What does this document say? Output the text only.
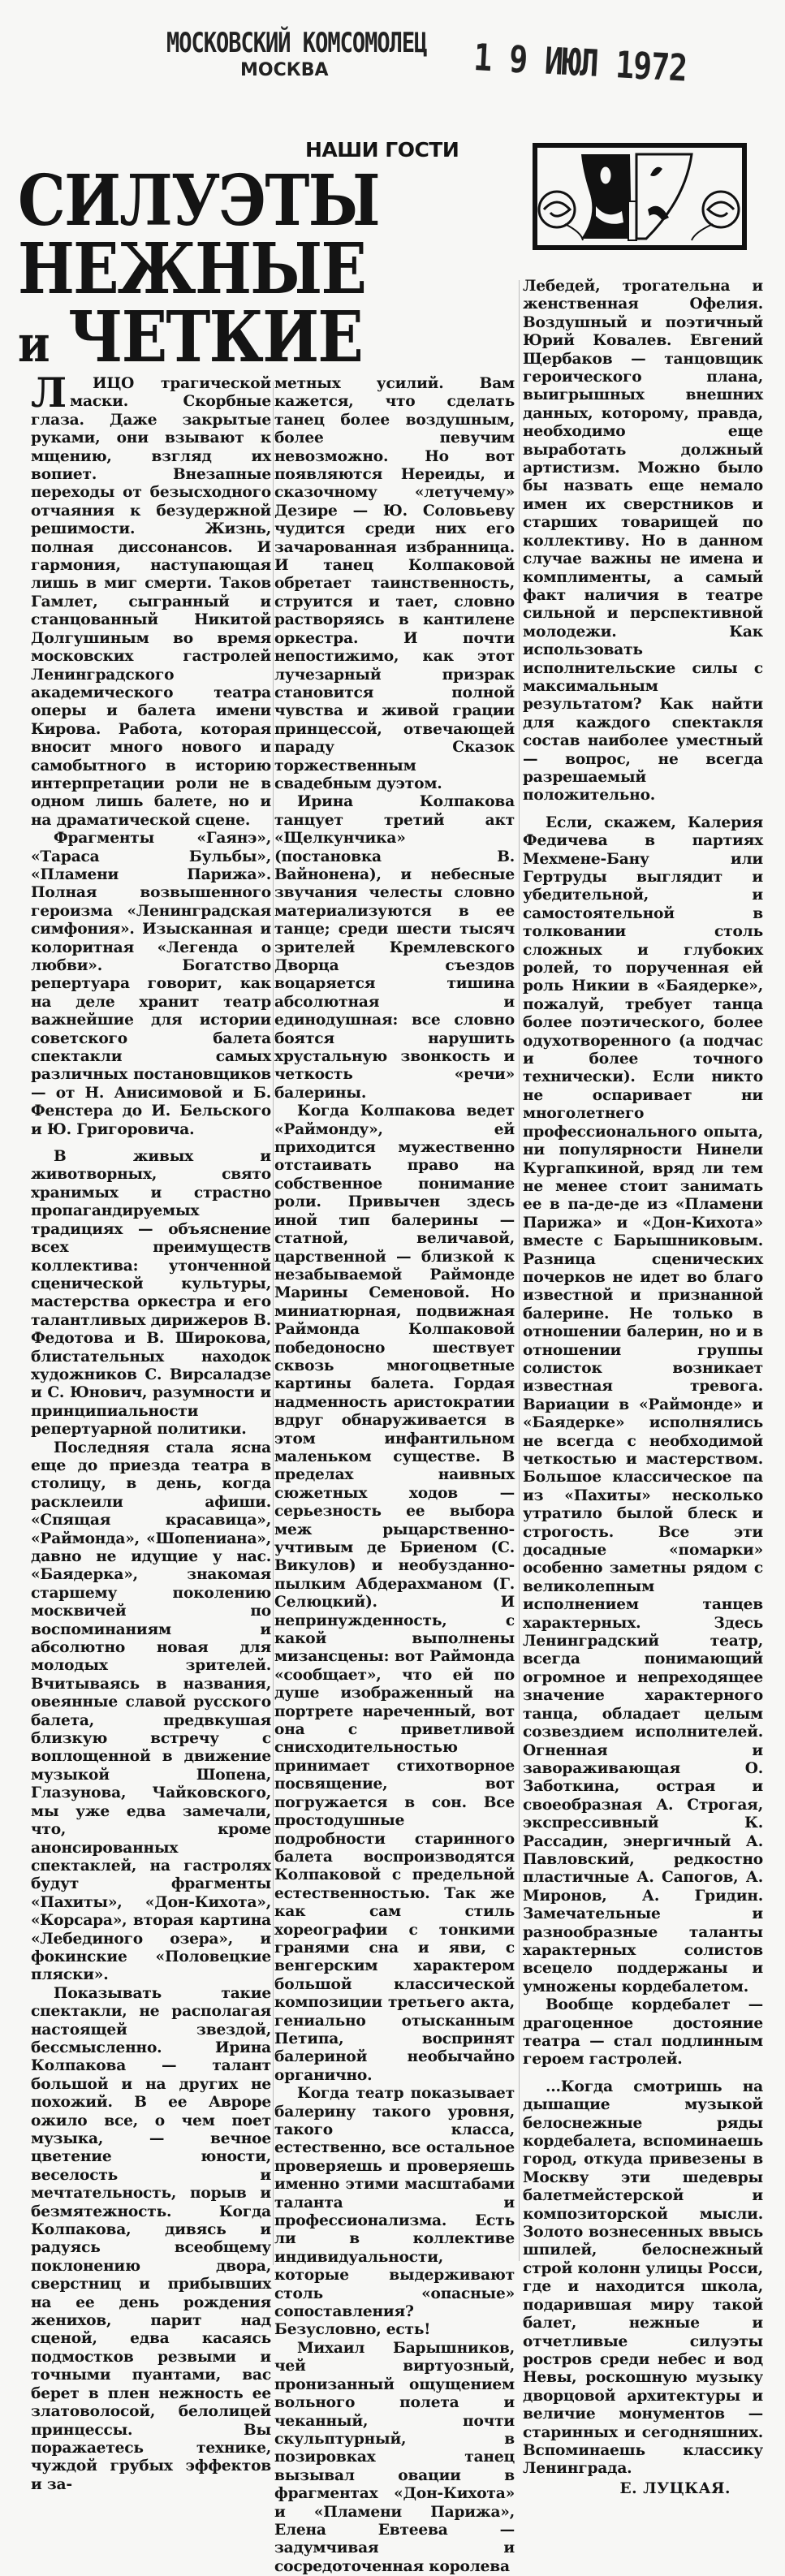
МОСКОВСКИЙ КОМСОМОЛЕЦ
МОСКВА	1 9 ИЮЛ 1972
НАШИ ГОСТИ
СИЛУЭТЫ
НЕЖНЫЕ
и ЧЕТКИЕ

Л ИЦО трагической маски. Скорбные глаза. Даже закрытые руками, они взывают к мщению, взгляд их вопиет. Внезапные переходы от безысходного отчаяния к безудержной решимости. Жизнь, полная диссонансов. И гармония, наступающая лишь в миг смерти. Таков Гамлет, сыгранный и станцованный Никитой Долгушиным во время московских гастролей Ленинградского академического театра оперы и балета имени Кирова. Работа, которая вносит много нового и самобытного в историю интерпретации роли не в одном лишь балете, но и на драматической сцене.

Фрагменты «Гаянэ», «Тараса Бульбы», «Пламени Парижа». Полная возвышенного героизма «Ленинградская симфония». Изысканная и колоритная «Легенда о любви». Богатство репертуара говорит, как на деле хранит театр важнейшие для истории советского балета спектакли самых различных постановщиков — от Н. Анисимовой и Б. Фенстера до И. Бельского и Ю. Григоровича.

В живых и животворных, свято хранимых и страстно пропагандируемых традициях — объяснение всех преимуществ коллектива: утонченной сценической культуры, мастерства оркестра и его талантливых дирижеров В. Федотова и В. Широкова, блистательных находок художников С. Вирсаладзе и С. Юнович, разумности и принципиальности репертуарной политики.

Последняя стала ясна еще до приезда театра в столицу, в день, когда расклеили афиши. «Спящая красавица», «Раймонда», «Шопениана», давно не идущие у нас. «Баядерка», знакомая старшему поколению москвичей по воспоминаниям и абсолютно новая для молодых зрителей. Вчитываясь в названия, овеянные славой русского балета, предвкушая близкую встречу с воплощенной в движение музыкой Шопена, Глазунова, Чайковского, мы уже едва замечали, что, кроме анонсированных спектаклей, на гастролях будут фрагменты «Пахиты», «Дон-Кихота», «Корсара», вторая картина «Лебединого озера», и фокинские «Половецкие пляски».

Показывать такие спектакли, не располагая настоящей звездой, бессмысленно. Ирина Колпакова — талант большой и на других не похожий. В ее Авроре ожило все, о чем поет музыка, — вечное цветение юности, веселость и мечтательность, порыв и безмятежность. Когда Колпакова, дивясь и радуясь всеобщему поклонению двора, сверстниц и прибывших на ее день рождения женихов, парит над сценой, едва касаясь подмостков резвыми и точными пуантами, вас берет в плен нежность ее златоволосой, белолицей принцессы. Вы поражаетесь технике, чуждой грубых эффектов и за-

метных усилий. Вам кажется, что сделать танец более воздушным, более певучим невозможно. Но вот появляются Нереиды, и сказочному «летучему» Дезире — Ю. Соловьеву чудится среди них его зачарованная избранница. И танец Колпаковой обретает таинственность, струится и тает, словно растворяясь в кантилене оркестра. И почти непостижимо, как этот лучезарный призрак становится полной чувства и живой грации принцессой, отвечающей параду Сказок торжественным свадебным дуэтом.

Ирина Колпакова танцует третий акт «Щелкунчика» (постановка В. Вайнонена), и небесные звучания челесты словно материализуются в ее танце; среди шести тысяч зрителей Кремлевского Дворца съездов воцаряется тишина абсолютная и единодушная: все словно боятся нарушить хрустальную звонкость и четкость «речи» балерины.

Когда Колпакова ведет «Раймонду», ей приходится мужественно отстаивать право на собственное понимание роли. Привычен здесь иной тип балерины — статной, величавой, царственной — близкой к незабываемой Раймонде Марины Семеновой. Но миниатюрная, подвижная Раймонда Колпаковой победоносно шествует сквозь многоцветные картины балета. Гордая надменность аристократии вдруг обнаруживается в этом инфантильном маленьком существе. В пределах наивных сюжетных ходов — серьезность ее выбора меж рыцарственно-учтивым де Бриеном (С. Викулов) и необузданно-пылким Абдерахманом (Г. Селюцкий). И непринужденность, с какой выполнены мизансцены: вот Раймонда «сообщает», что ей по душе изображенный на портрете нареченный, вот она с приветливой снисходительностью принимает стихотворное посвящение, вот погружается в сон. Все простодушные подробности старинного балета воспроизводятся Колпаковой с предельной естественностью. Так же как сам стиль хореографии с тонкими гранями сна и яви, с венгерским характером большой классической композиции третьего акта, гениально отысканным Петипа, воспринят балериной необычайно органично.

Когда театр показывает балерину такого уровня, такого класса, естественно, все остальное проверяешь и проверяешь именно этими масштабами таланта и профессионализма. Есть ли в коллективе индивидуальности, которые выдерживают столь «опасные» сопоставления? Безусловно, есть!

Михаил Барышников, чей виртуозный, пронизанный ощущением вольного полета и чеканный, почти скульптурный, в позировках танец вызывал овации в фрагментах «Дон-Кихота» и «Пламени Парижа», Елена Евтеева — задумчивая и сосредоточенная королева

Лебедей, трогательна и женственная Офелия. Воздушный и поэтичный Юрий Ковалев. Евгений Щербаков — танцовщик героического плана, выигрышных внешних данных, которому, правда, необходимо еще выработать должный артистизм. Можно было бы назвать еще немало имен их сверстников и старших товарищей по коллективу. Но в данном случае важны не имена и комплименты, а самый факт наличия в театре сильной и перспективной молодежи. Как использовать исполнительские силы с максимальным результатом? Как найти для каждого спектакля состав наиболее уместный — вопрос, не всегда разрешаемый положительно.

Если, скажем, Калерия Федичева в партиях Мехмене-Бану или Гертруды выглядит и убедительной, и самостоятельной в толковании столь сложных и глубоких ролей, то порученная ей роль Никии в «Баядерке», пожалуй, требует танца более поэтического, более одухотворенного (а подчас и более точного технически). Если никто не оспаривает ни многолетнего профессионального опыта, ни популярности Нинели Кургапкиной, вряд ли тем не менее стоит занимать ее в па-де-де из «Пламени Парижа» и «Дон-Кихота» вместе с Барышниковым. Разница сценических почерков не идет во благо известной и признанной балерине. Не только в отношении балерин, но и в отношении группы солисток возникает известная тревога. Вариации в «Раймонде» и «Баядерке» исполнялись не всегда с необходимой четкостью и мастерством. Большое классическое па из «Пахиты» несколько утратило былой блеск и строгость. Все эти досадные «помарки» особенно заметны рядом с великолепным исполнением танцев характерных. Здесь Ленинградский театр, всегда понимающий огромное и непреходящее значение характерного танца, обладает целым созвездием исполнителей. Огненная и завораживающая О. Заботкина, острая и своеобразная А. Строгая, экспрессивный К. Рассадин, энергичный А. Павловский, редкостно пластичные А. Сапогов, А. Миронов, А. Гридин. Замечательные и разнообразные таланты характерных солистов всецело поддержаны и умножены кордебалетом.

Вообще кордебалет — драгоценное достояние театра — стал подлинным героем гастролей.

...Когда смотришь на дышащие музыкой белоснежные ряды кордебалета, вспоминаешь город, откуда привезены в Москву эти шедевры балетмейстерской и композиторской мысли. Золото вознесенных ввысь шпилей, белоснежный строй колонн улицы Росси, где и находится школа, подарившая миру такой балет, нежные и отчетливые силуэты ростров среди небес и вод Невы, роскошную музыку дворцовой архитектуры и величие монументов — старинных и сегодняшних. Вспоминаешь классику Ленинграда.

Е. ЛУЦКАЯ.
